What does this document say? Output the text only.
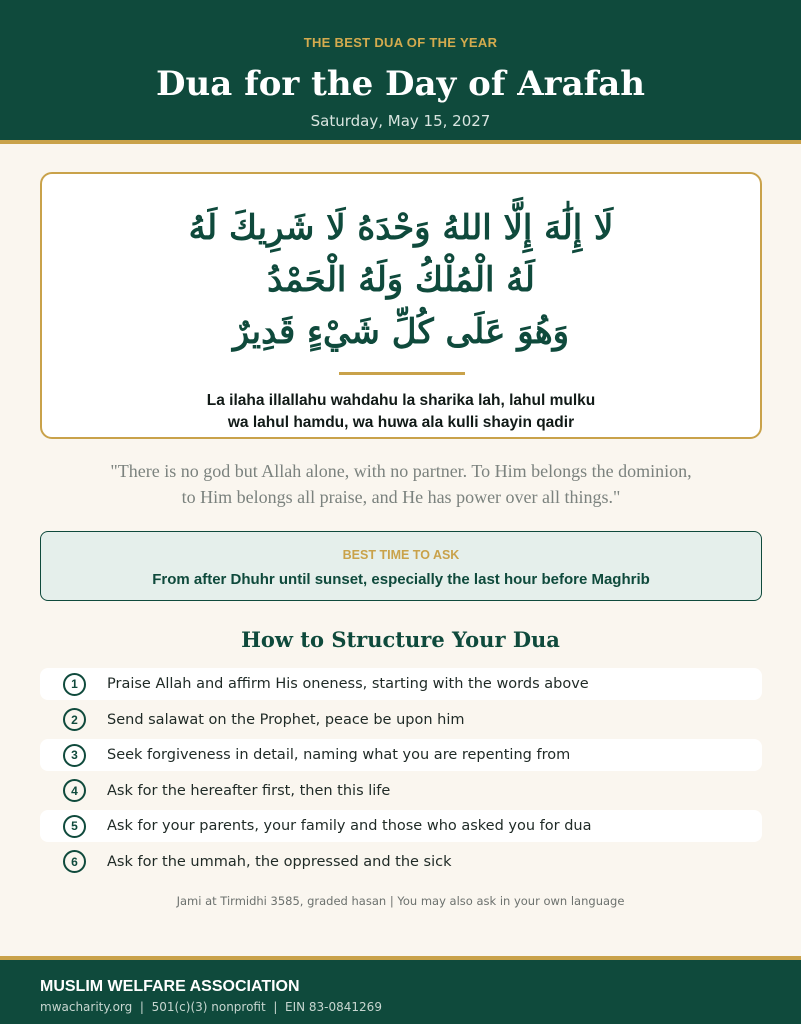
THE BEST DUA OF THE YEAR
Dua for the Day of Arafah
Saturday, May 15, 2027
لَا إِلَٰهَ إِلَّا اللهُ وَحْدَهُ لَا شَرِيكَ لَهُ
لَهُ الْمُلْكُ وَلَهُ الْحَمْدُ
وَهُوَ عَلَى كُلِّ شَيْءٍ قَدِيرٌ
La ilaha illallahu wahdahu la sharika lah, lahul mulku
wa lahul hamdu, wa huwa ala kulli shayin qadir
"There is no god but Allah alone, with no partner. To Him belongs the dominion,
to Him belongs all praise, and He has power over all things."
BEST TIME TO ASK
From after Dhuhr until sunset, especially the last hour before Maghrib
How to Structure Your Dua
1	Praise Allah and affirm His oneness, starting with the words above
2	Send salawat on the Prophet, peace be upon him
3	Seek forgiveness in detail, naming what you are repenting from
4	Ask for the hereafter first, then this life
5	Ask for your parents, your family and those who asked you for dua
6	Ask for the ummah, the oppressed and the sick
Jami at Tirmidhi 3585, graded hasan | You may also ask in your own language
MUSLIM WELFARE ASSOCIATION
mwacharity.org  |  501(c)(3) nonprofit  |  EIN 83-0841269
